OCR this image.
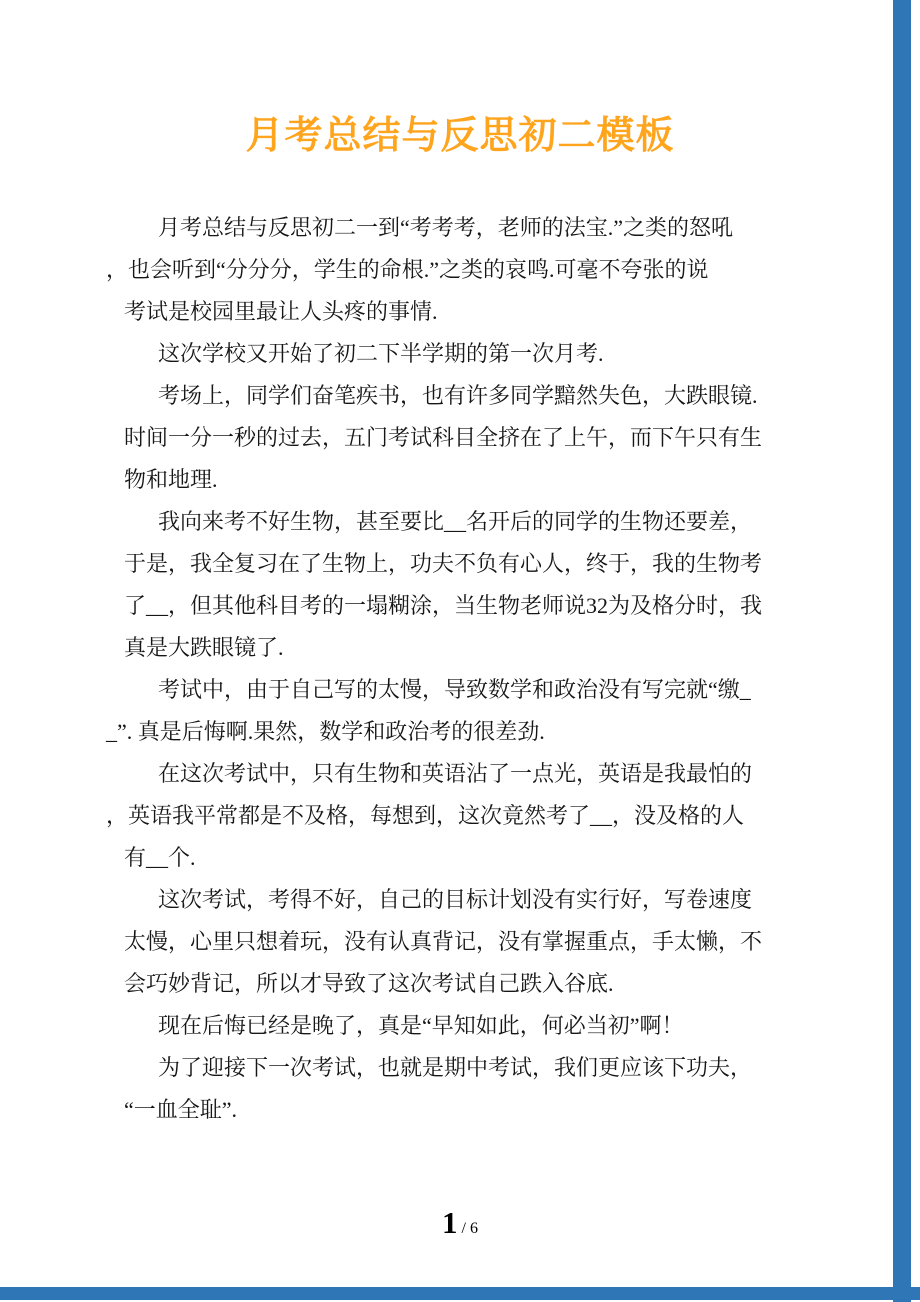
月考总结与反思初二模板
月考总结与反思初二一到“考考考，老师的法宝.”之类的怒吼
，也会听到“分分分，学生的命根.”之类的哀鸣.可毫不夸张的说
考试是校园里最让人头疼的事情.
这次学校又开始了初二下半学期的第一次月考.
考场上，同学们奋笔疾书，也有许多同学黯然失色，大跌眼镜.
时间一分一秒的过去，五门考试科目全挤在了上午，而下午只有生
物和地理.
我向来考不好生物，甚至要比__名开后的同学的生物还要差，
于是，我全复习在了生物上，功夫不负有心人，终于，我的生物考
了__，但其他科目考的一塌糊涂，当生物老师说32为及格分时，我
真是大跌眼镜了.
考试中，由于自己写的太慢，导致数学和政治没有写完就“缴_
_”. 真是后悔啊.果然，数学和政治考的很差劲.
在这次考试中，只有生物和英语沾了一点光，英语是我最怕的
，英语我平常都是不及格，每想到，这次竟然考了__，没及格的人
有__个.
这次考试，考得不好，自己的目标计划没有实行好，写卷速度
太慢，心里只想着玩，没有认真背记，没有掌握重点，手太懒，不
会巧妙背记，所以才导致了这次考试自己跌入谷底.
现在后悔已经是晚了，真是“早知如此，何必当初”啊！
为了迎接下一次考试，也就是期中考试，我们更应该下功夫，
“一血全耻”.
1 / 6
